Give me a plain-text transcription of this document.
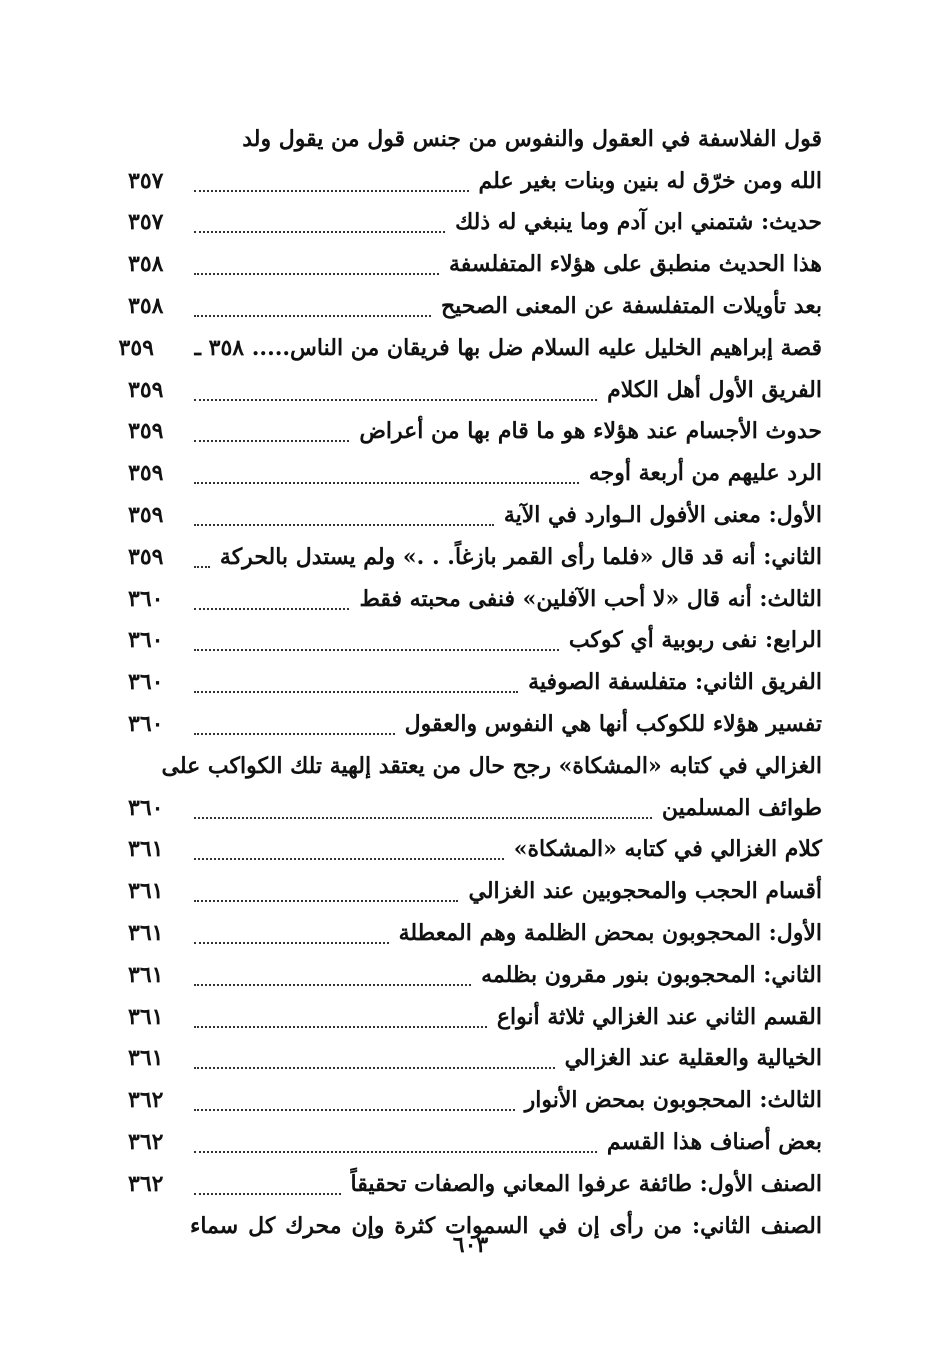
قول الفلاسفة في العقول والنفوس من جنس قول من يقول ولد
الله ومن خرّق له بنين وبنات بغير علم
٣٥٧
حديث: شتمني ابن آدم وما ينبغي له ذلك
٣٥٧
هذا الحديث منطبق على هؤلاء المتفلسفة
٣٥٨
بعد تأويلات المتفلسفة عن المعنى الصحيح
٣٥٨
قصة إبراهيم الخليل عليه السلام ضل بها فريقان من الناس..... ٣٥٨ ـ
٣٥٩
الفريق الأول أهل الكلام
٣٥٩
حدوث الأجسام عند هؤلاء هو ما قام بها من أعراض
٣٥٩
الرد عليهم من أربعة أوجه
٣٥٩
الأول: معنى الأفول الـوارد في الآية
٣٥٩
الثاني: أنه قد قال «فلما رأى القمر بازغاً. . .» ولم يستدل بالحركة
٣٥٩
الثالث: أنه قال «لا أحب الآفلين» فنفى محبته فقط
٣٦٠
الرابع: نفى ربوبية أي كوكب
٣٦٠
الفريق الثاني: متفلسفة الصوفية
٣٦٠
تفسير هؤلاء للكوكب أنها هي النفوس والعقول
٣٦٠
الغزالي في كتابه «المشكاة» رجح حال من يعتقد إلهية تلك الكواكب على
طوائف المسلمين
٣٦٠
كلام الغزالي في كتابه «المشكاة»
٣٦١
أقسام الحجب والمحجوبين عند الغزالي
٣٦١
الأول: المحجوبون بمحض الظلمة وهم المعطلة
٣٦١
الثاني: المحجوبون بنور مقرون بظلمه
٣٦١
القسم الثاني عند الغزالي ثلاثة أنواع
٣٦١
الخيالية والعقلية عند الغزالي
٣٦١
الثالث: المحجوبون بمحض الأنوار
٣٦٢
بعض أصناف هذا القسم
٣٦٢
الصنف الأول: طائفة عرفوا المعاني والصفات تحقيقاً
٣٦٢
الصنف الثاني: من رأى إن في السموات كثرة وإن محرك كل سماء
٦٠٣
